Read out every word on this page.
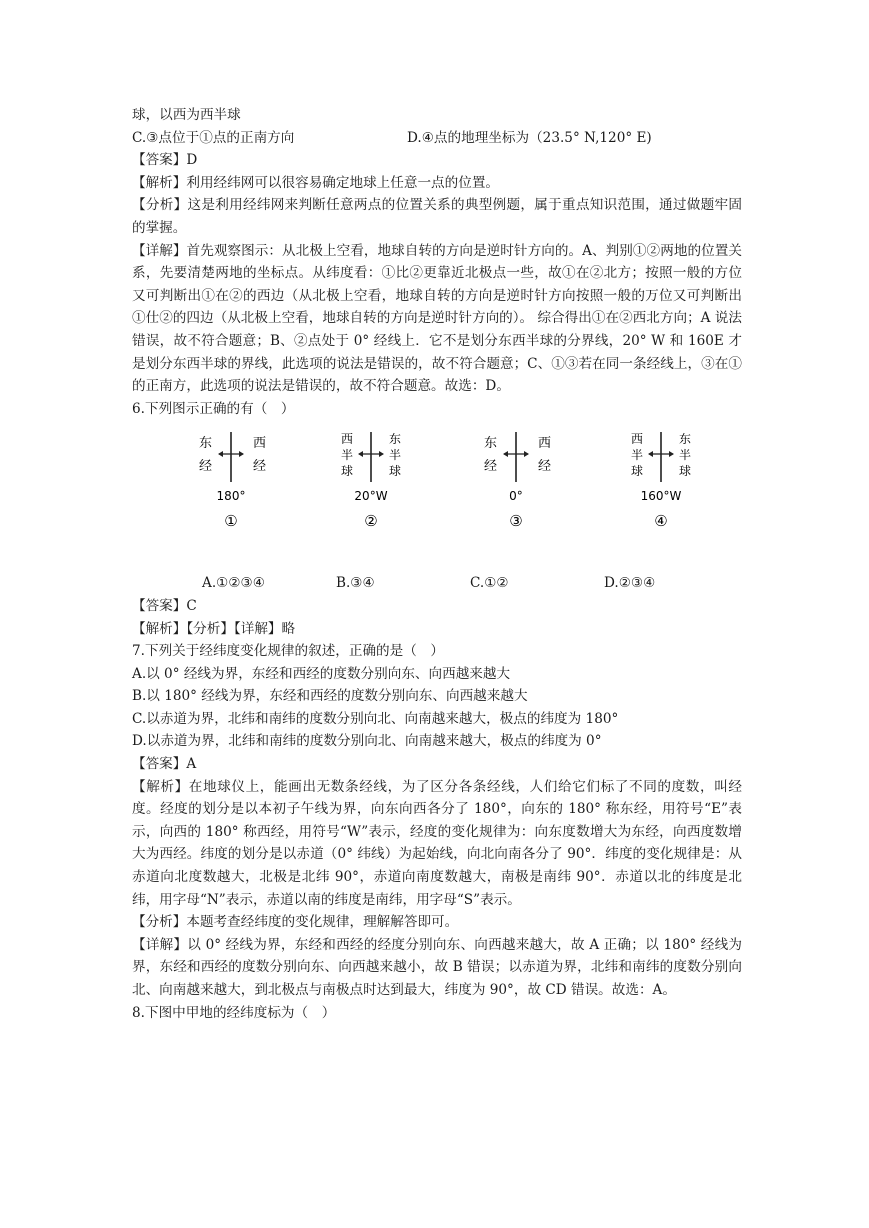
球，以西为西半球
C.③点位于①点的正南方向	D.④点的地理坐标为（23.5° N,120° E)
【答案】D
【解析】利用经纬网可以很容易确定地球上任意一点的位置。
【分析】这是利用经纬网来判断任意两点的位置关系的典型例题，属于重点知识范围，通过做题牢固的掌握。
【详解】首先观察图示：从北极上空看，地球自转的方向是逆时针方向的。A、判别①②两地的位置关系，先要清楚两地的坐标点。从纬度看：①比②更靠近北极点一些，故①在②北方；按照一般的方位又可判断出①在②的西边（从北极上空看，地球自转的方向是逆时针方向按照一般的万位又可判断出①仕②的四边（从北极上空看，地球自转的方向是逆时针方向的）。 综合得出①在②西北方向；A 说法错误，故不符合题意；B、②点处于 0° 经线上．它不是划分东西半球的分界线，20° W 和 160E 才是划分东西半球的界线，此选项的说法是错误的，故不符合题意；C、①③若在同一条经线上，③在①的正南方，此选项的说法是错误的，故不符合题意。故选：D。
6.下列图示正确的有（　）
东
经
西
经
180°
①
西
半
球
东
半
球
20°W
②
东
经
西
经
0°
③
西
半
球
东
半
球
160°W
④
A.①②③④	B.③④	C.①②	D.②③④
【答案】C
【解析】【分析】【详解】略
7.下列关于经纬度变化规律的叙述，正确的是（　）
A.以 0° 经线为界，东经和西经的度数分别向东、向西越来越大
B.以 180° 经线为界，东经和西经的度数分别向东、向西越来越大
C.以赤道为界，北纬和南纬的度数分别向北、向南越来越大，极点的纬度为 180°
D.以赤道为界，北纬和南纬的度数分别向北、向南越来越大，极点的纬度为 0°
【答案】A
【解析】在地球仪上，能画出无数条经线，为了区分各条经线，人们给它们标了不同的度数，叫经度。经度的划分是以本初子午线为界，向东向西各分了 180°，向东的 180° 称东经，用符号“E”表示，向西的 180° 称西经，用符号“W”表示，经度的变化规律为：向东度数增大为东经，向西度数增大为西经。纬度的划分是以赤道（0° 纬线）为起始线，向北向南各分了 90°．纬度的变化规律是：从赤道向北度数越大，北极是北纬 90°，赤道向南度数越大，南极是南纬 90°．赤道以北的纬度是北纬，用字母“N”表示，赤道以南的纬度是南纬，用字母“S”表示。
【分析】本题考查经纬度的变化规律，理解解答即可。
【详解】以 0° 经线为界，东经和西经的经度分别向东、向西越来越大，故 A 正确；以 180° 经线为界，东经和西经的度数分别向东、向西越来越小，故 B 错误；以赤道为界，北纬和南纬的度数分别向北、向南越来越大，到北极点与南极点时达到最大，纬度为 90°，故 CD 错误。故选：A。
8.下图中甲地的经纬度标为（　）
